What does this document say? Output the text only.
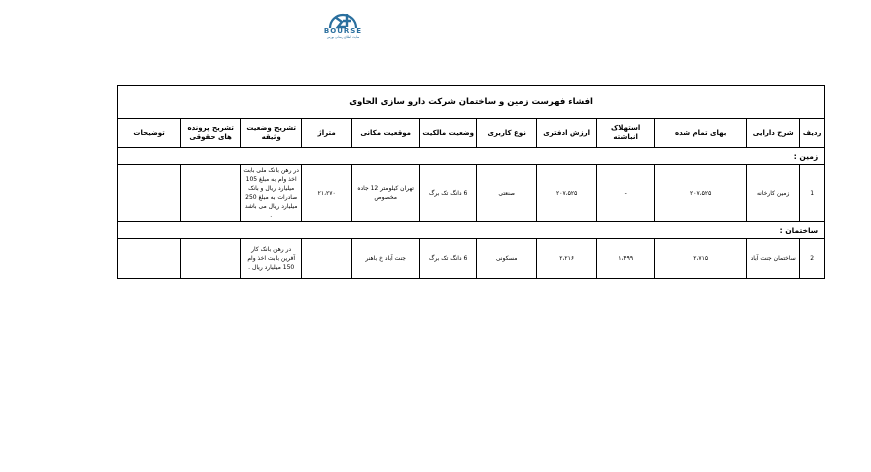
BOURSE
سایت اطلاع رسانی بورس
افشاء فهرست زمین و ساختمان شرکت دارو سازی الحاوی											
ردیف	شرح دارایی	بهای تمام شده	استهلاک انباشته	ارزش ادفتری	نوع کاربری	وضعیت مالکیت	موقعیت مکانی	متراژ	تشریح وضعیت وثیقه	تشریح پرونده های حقوقی	توضیحات
زمین :											
1	زمین کارخانه	۲۰۷،۵۲۵	-	۲۰۷،۵۲۵	صنعتی	6 دانگ تک برگ	تهران کیلومتر 12 جاده مخصوص	۲۱،۲۷۰	در رهن بانک ملی بابت اخذ وام به مبلغ 105 میلیارد ریال و بانک صادرات به مبلغ 250 میلیارد ریال می باشد .		
ساختمان :											
2	ساختمان جنت آباد	۲،۷۱۵	۱،۴۹۹	۲،۲۱۶	مسکونی	6 دانگ تک برگ	جنت آباد خ باهنر		در رهن بانک کار آفرین بابت اخذ وام 150 میلیارد ریال .		
